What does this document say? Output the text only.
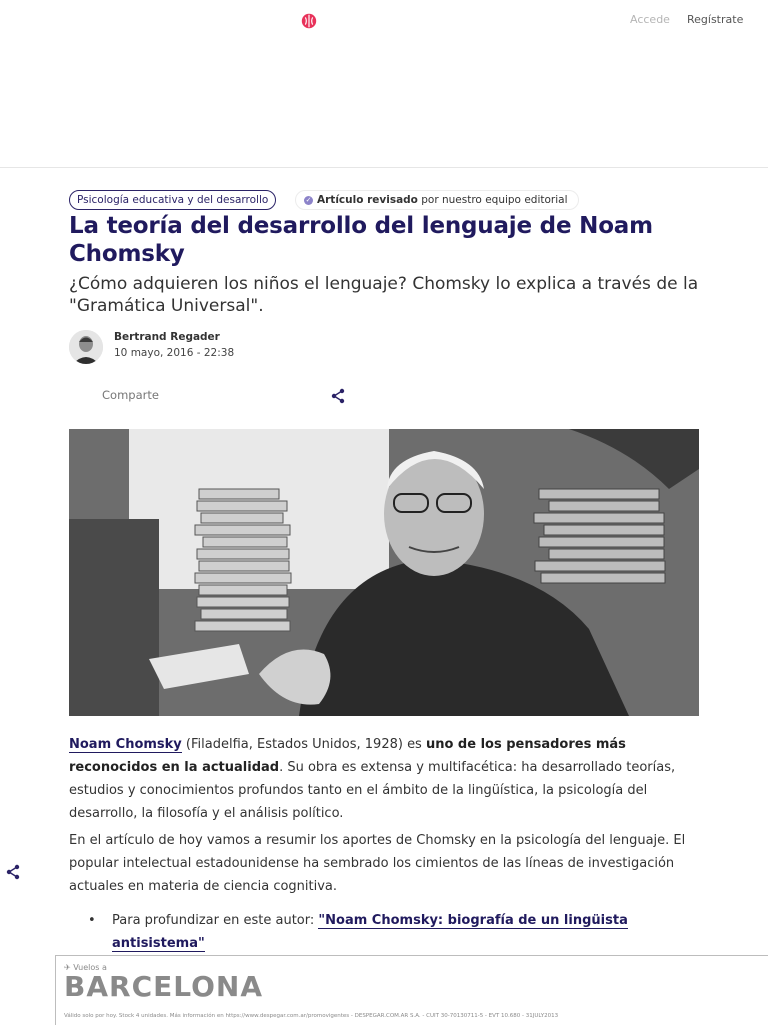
Accede Regístrate
Psicología educativa y del desarrollo	✓ Artículo revisado por nuestro equipo editorial
La teoría del desarrollo del lenguaje de Noam Chomsky

¿Cómo adquieren los niños el lenguaje? Chomsky lo explica a través de la "Gramática Universal".

Bertrand Regader
10 mayo, 2016 - 22:38
Comparte

Noam Chomsky (Filadelfia, Estados Unidos, 1928) es uno de los pensadores más reconocidos en la actualidad. Su obra es extensa y multifacética: ha desarrollado teorías, estudios y conocimientos profundos tanto en el ámbito de la lingüística, la psicología del desarrollo, la filosofía y el análisis político.

En el artículo de hoy vamos a resumir los aportes de Chomsky en la psicología del lenguaje. El popular intelectual estadounidense ha sembrado los cimientos de las líneas de investigación actuales en materia de ciencia cognitiva.

• Para profundizar en este autor: "Noam Chomsky: biografía de un lingüista antisistema"
✈ Vuelos a
BARCELONA
Válido solo por hoy. Stock 4 unidades. Más información en https://www.despegar.com.ar/promovigentes - DESPEGAR.COM.AR S.A. - CUIT 30-70130711-5 - EVT 10.680 - 31JULY2013
